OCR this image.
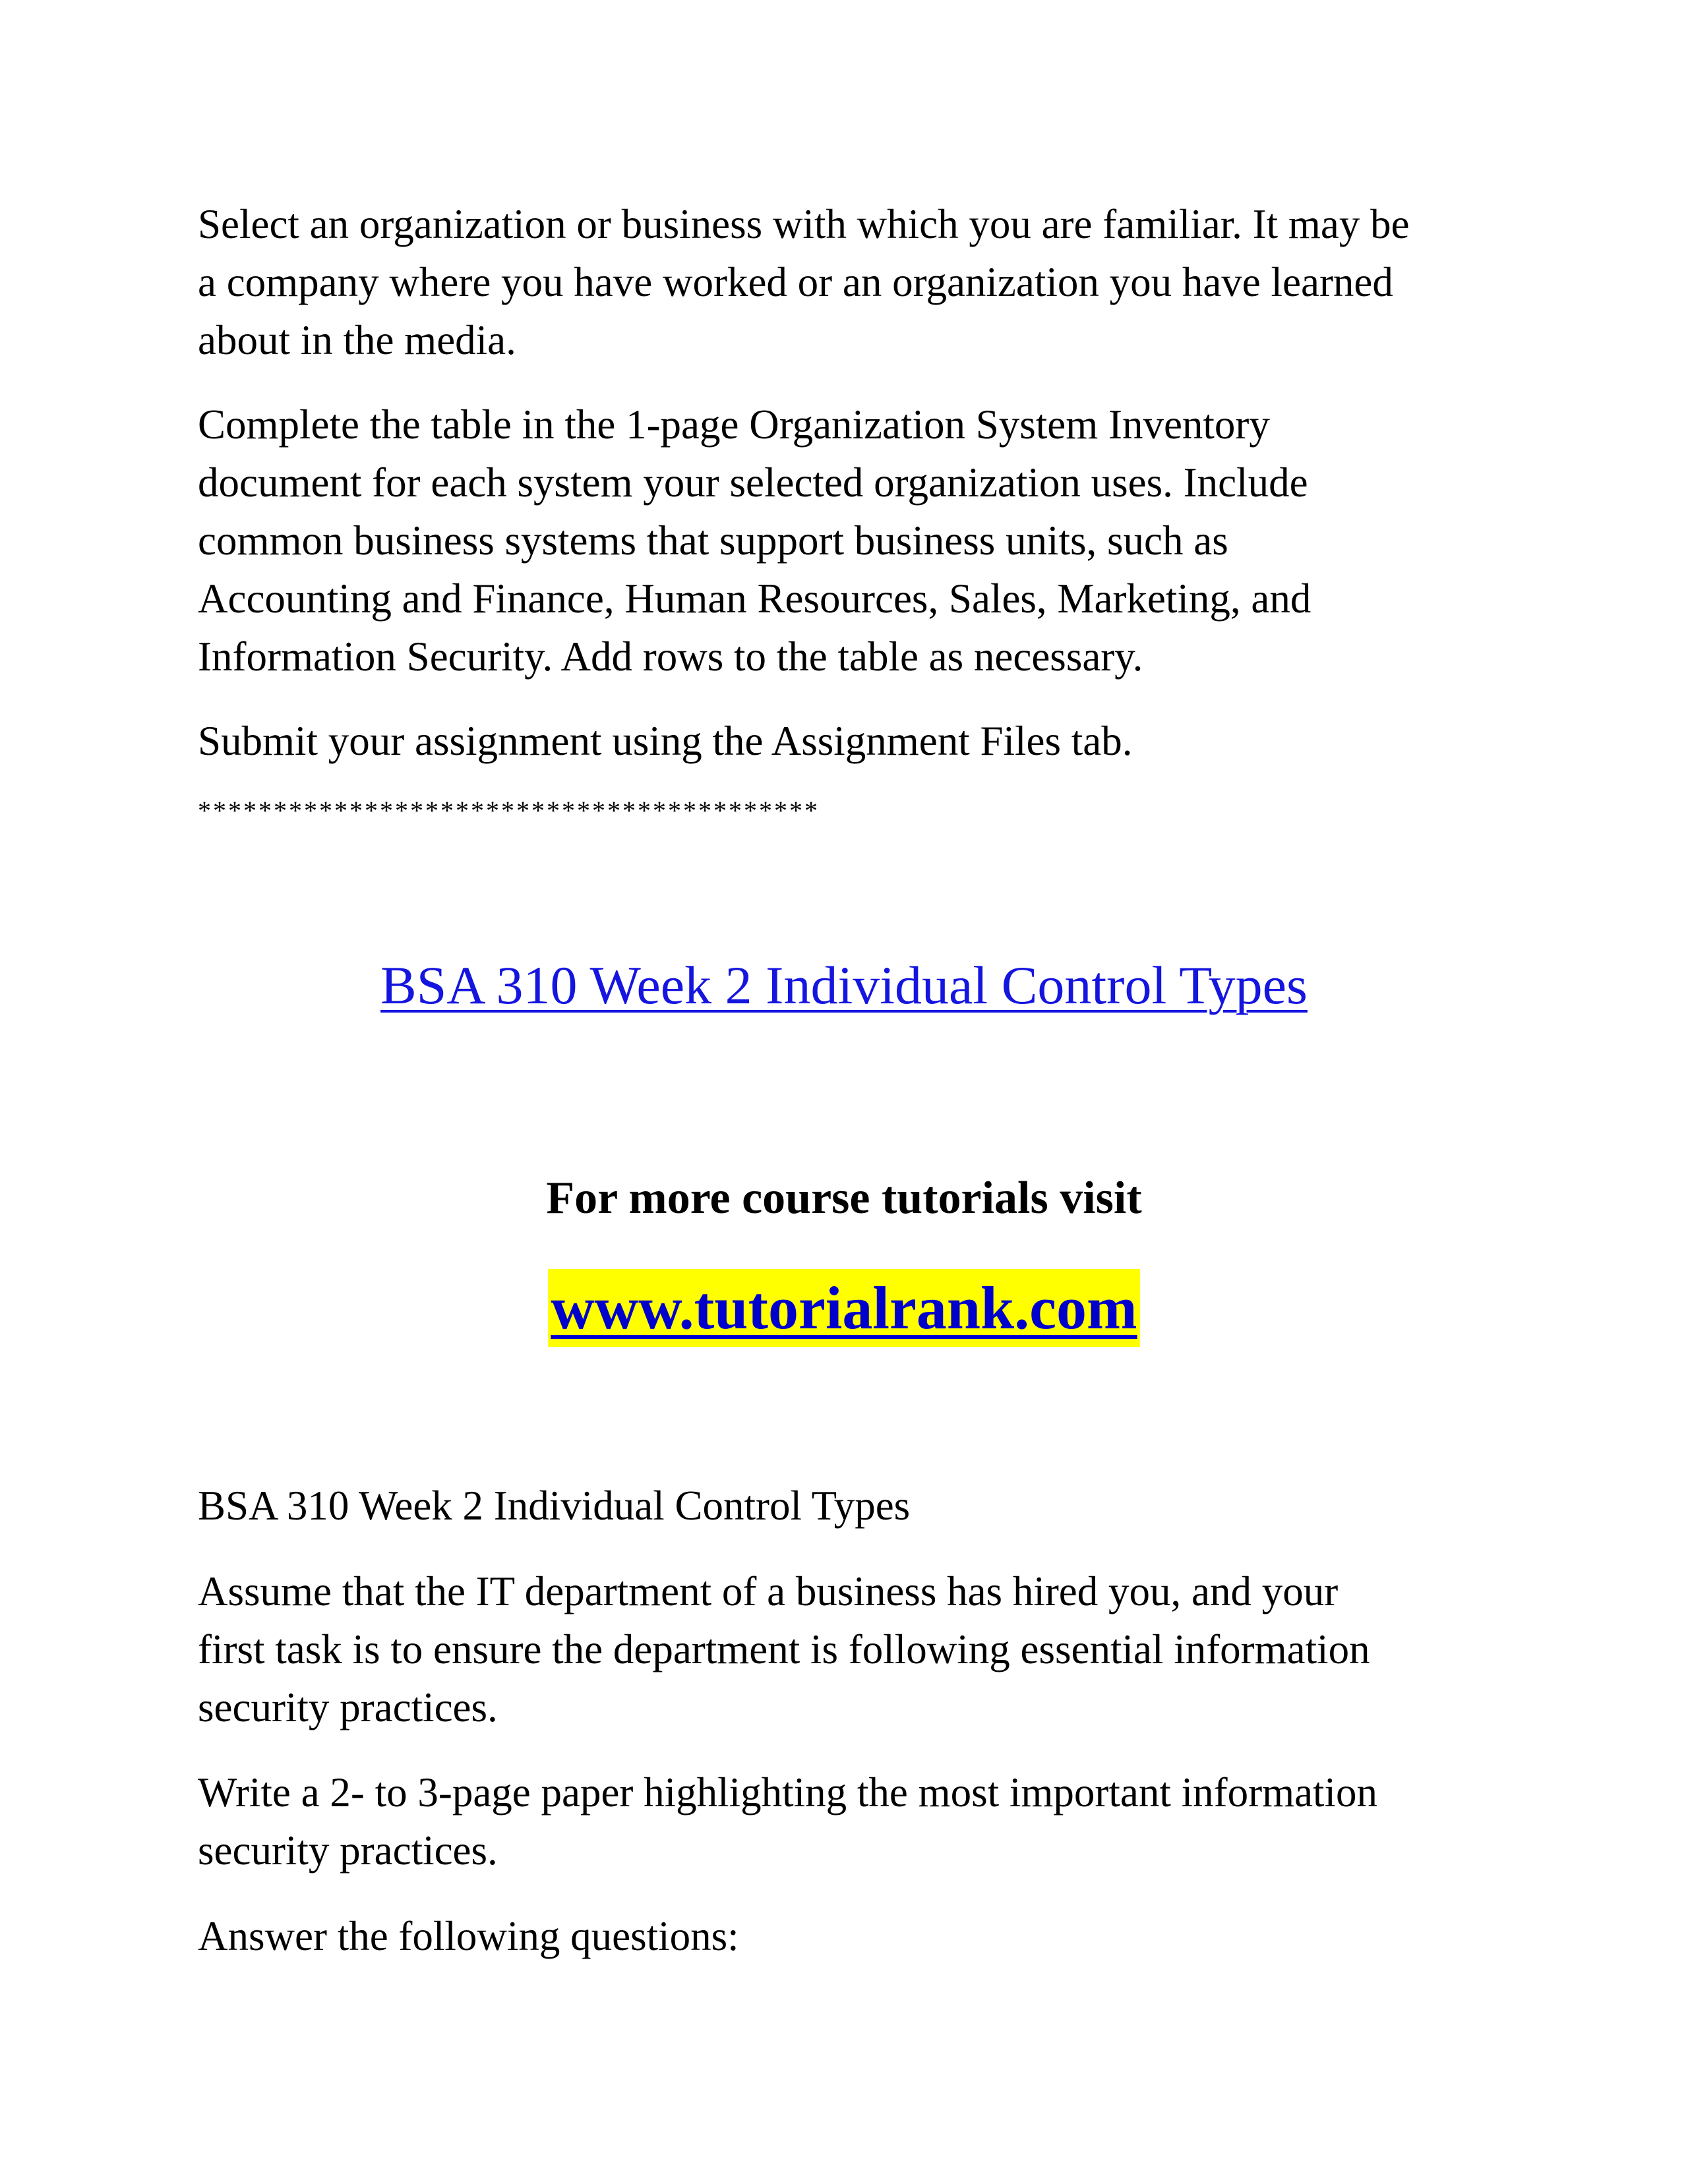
Select an organization or business with which you are familiar. It may be
a company where you have worked or an organization you have learned
about in the media.

Complete the table in the 1-page Organization System Inventory
document for each system your selected organization uses. Include
common business systems that support business units, such as
Accounting and Finance, Human Resources, Sales, Marketing, and
Information Security. Add rows to the table as necessary.

Submit your assignment using the Assignment Files tab.

*****************************************
BSA 310 Week 2 Individual Control Types
For more course tutorials visit
www.tutorialrank.com

BSA 310 Week 2 Individual Control Types

Assume that the IT department of a business has hired you, and your
first task is to ensure the department is following essential information
security practices.

Write a 2- to 3-page paper highlighting the most important information
security practices.

Answer the following questions:
